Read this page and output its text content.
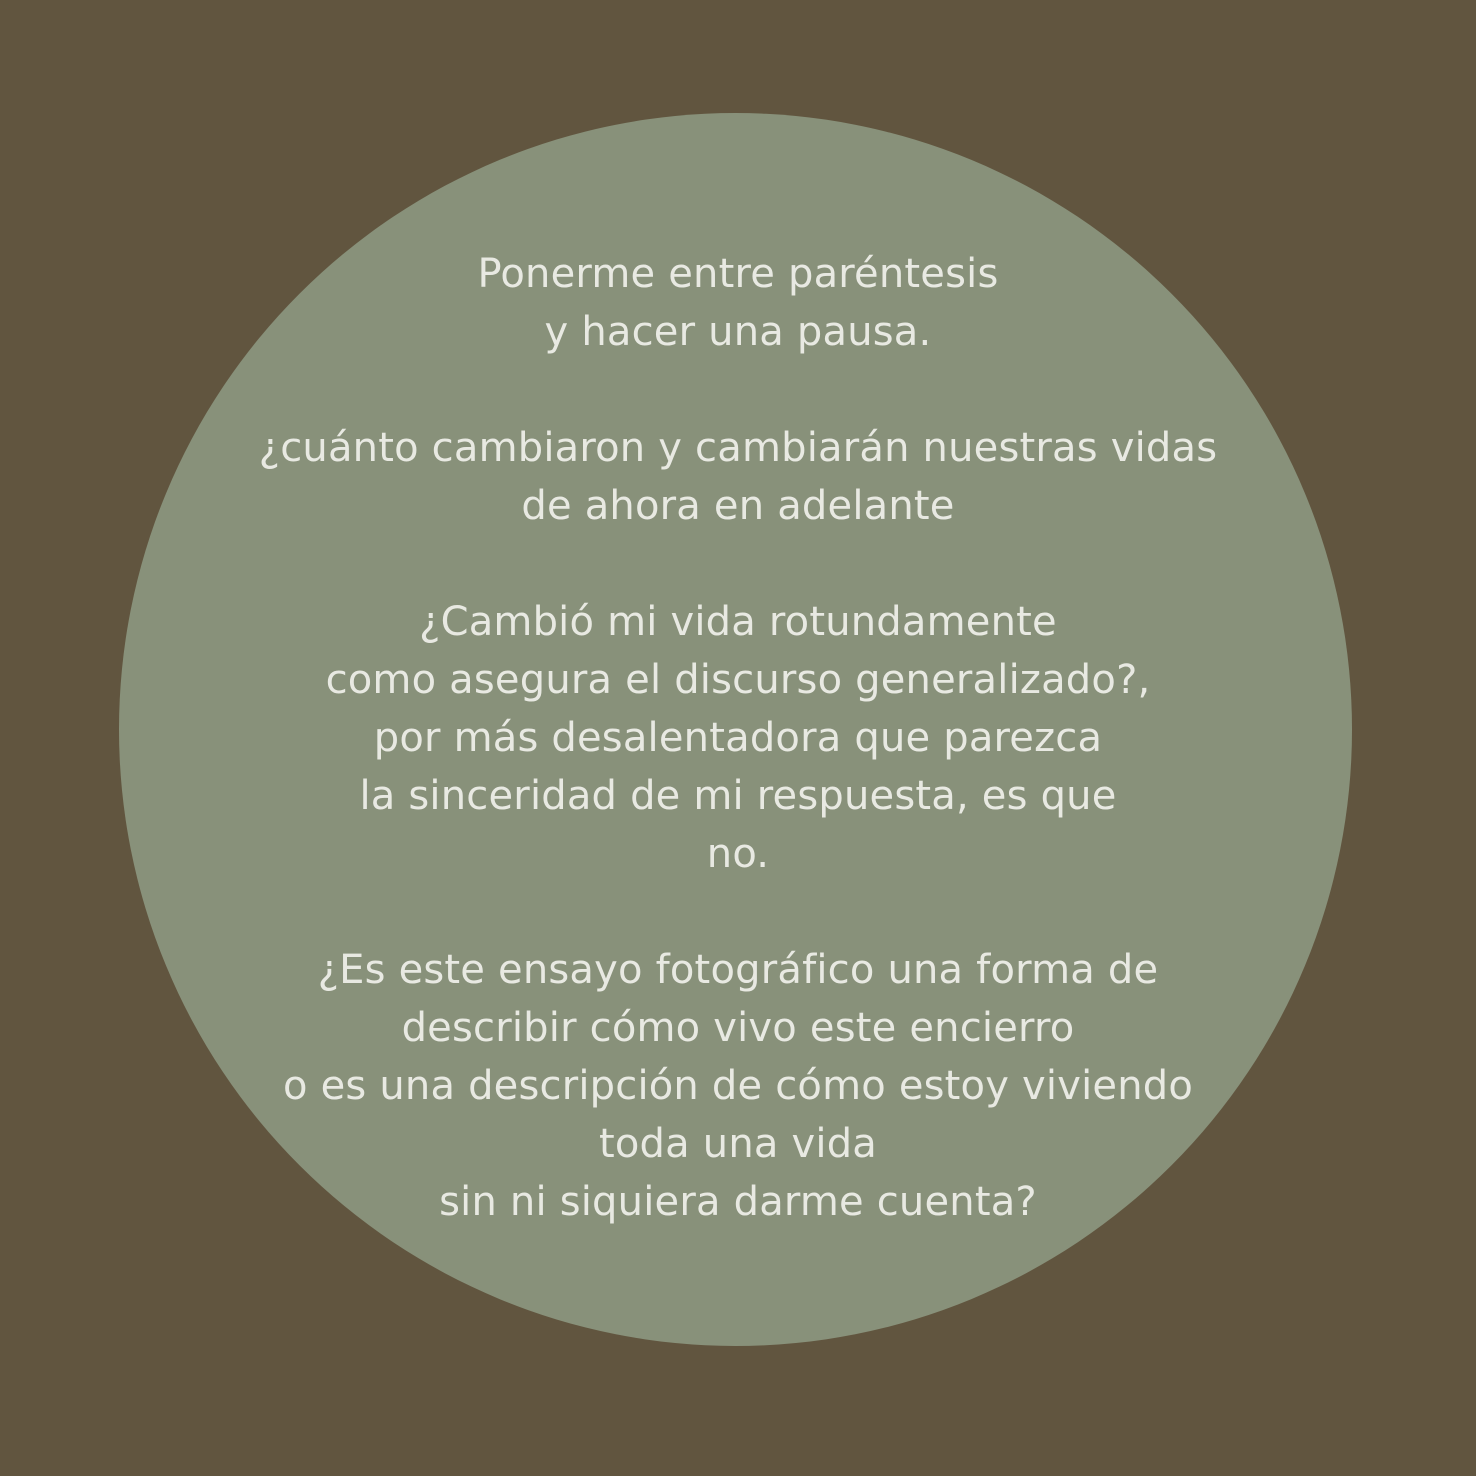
Ponerme entre paréntesis
y hacer una pausa.

¿cuánto cambiaron y cambiarán nuestras vidas
de ahora en adelante

¿Cambió mi vida rotundamente
como asegura el discurso generalizado?,
por más desalentadora que parezca
la sinceridad de mi respuesta, es que
no.

¿Es este ensayo fotográfico una forma de
describir cómo vivo este encierro
o es una descripción de cómo estoy viviendo
toda una vida
sin ni siquiera darme cuenta?
